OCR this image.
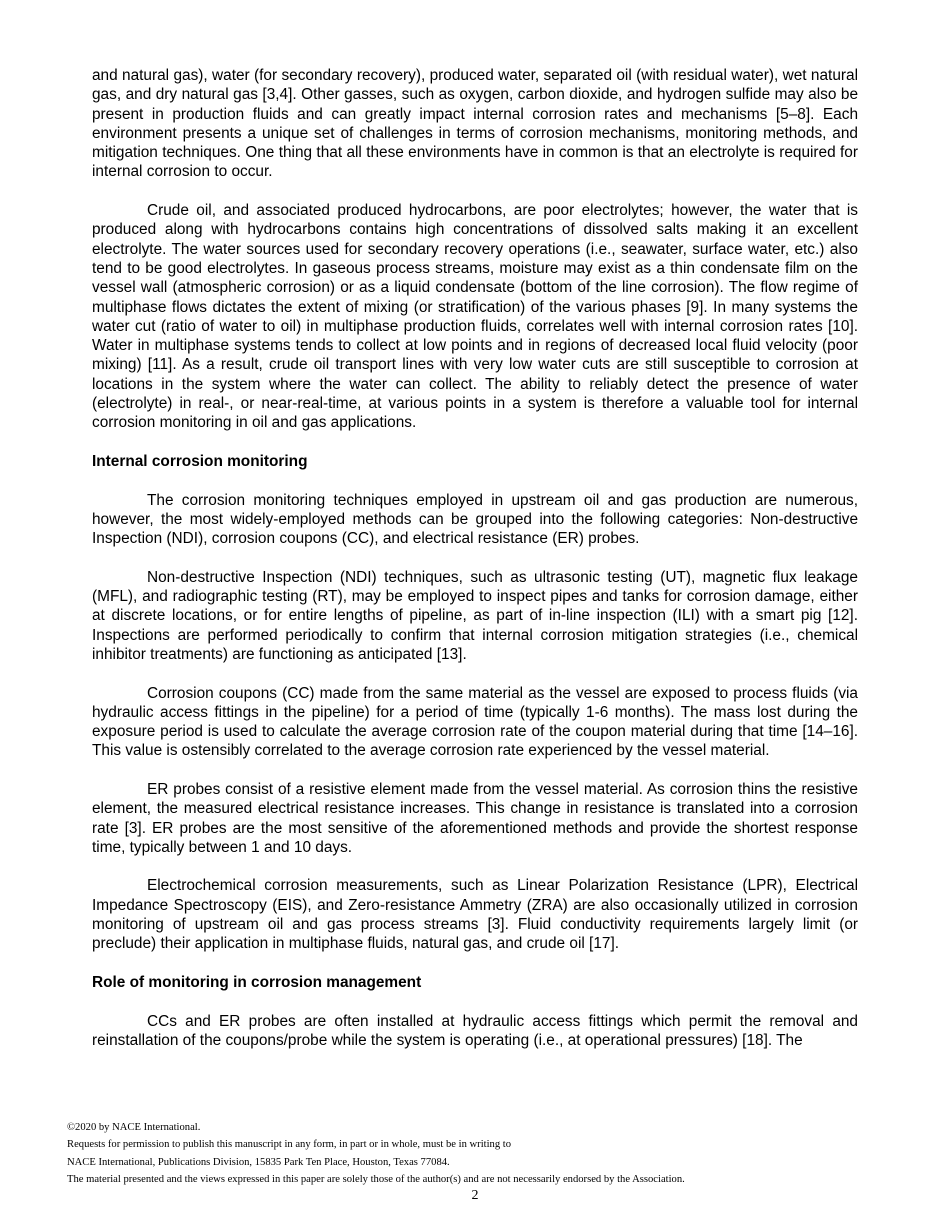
and natural gas), water (for secondary recovery), produced water, separated oil (with residual water), wet natural gas, and dry natural gas [3,4]. Other gasses, such as oxygen, carbon dioxide, and hydrogen sulfide may also be present in production fluids and can greatly impact internal corrosion rates and mechanisms [5–8]. Each environment presents a unique set of challenges in terms of corrosion mechanisms, monitoring methods, and mitigation techniques. One thing that all these environments have in common is that an electrolyte is required for internal corrosion to occur.

Crude oil, and associated produced hydrocarbons, are poor electrolytes; however, the water that is produced along with hydrocarbons contains high concentrations of dissolved salts making it an excellent electrolyte. The water sources used for secondary recovery operations (i.e., seawater, surface water, etc.) also tend to be good electrolytes. In gaseous process streams, moisture may exist as a thin condensate film on the vessel wall (atmospheric corrosion) or as a liquid condensate (bottom of the line corrosion). The flow regime of multiphase flows dictates the extent of mixing (or stratification) of the various phases [9]. In many systems the water cut (ratio of water to oil) in multiphase production fluids, correlates well with internal corrosion rates [10]. Water in multiphase systems tends to collect at low points and in regions of decreased local fluid velocity (poor mixing) [11]. As a result, crude oil transport lines with very low water cuts are still susceptible to corrosion at locations in the system where the water can collect. The ability to reliably detect the presence of water (electrolyte) in real-, or near-real-time, at various points in a system is therefore a valuable tool for internal corrosion monitoring in oil and gas applications.

Internal corrosion monitoring

The corrosion monitoring techniques employed in upstream oil and gas production are numerous, however, the most widely-employed methods can be grouped into the following categories: Non-destructive Inspection (NDI), corrosion coupons (CC), and electrical resistance (ER) probes.

Non-destructive Inspection (NDI) techniques, such as ultrasonic testing (UT), magnetic flux leakage (MFL), and radiographic testing (RT), may be employed to inspect pipes and tanks for corrosion damage, either at discrete locations, or for entire lengths of pipeline, as part of in-line inspection (ILI) with a smart pig [12]. Inspections are performed periodically to confirm that internal corrosion mitigation strategies (i.e., chemical inhibitor treatments) are functioning as anticipated [13].

Corrosion coupons (CC) made from the same material as the vessel are exposed to process fluids (via hydraulic access fittings in the pipeline) for a period of time (typically 1-6 months). The mass lost during the exposure period is used to calculate the average corrosion rate of the coupon material during that time [14–16]. This value is ostensibly correlated to the average corrosion rate experienced by the vessel material.

ER probes consist of a resistive element made from the vessel material. As corrosion thins the resistive element, the measured electrical resistance increases. This change in resistance is translated into a corrosion rate [3]. ER probes are the most sensitive of the aforementioned methods and provide the shortest response time, typically between 1 and 10 days.

Electrochemical corrosion measurements, such as Linear Polarization Resistance (LPR), Electrical Impedance Spectroscopy (EIS), and Zero-resistance Ammetry (ZRA) are also occasionally utilized in corrosion monitoring of upstream oil and gas process streams [3]. Fluid conductivity requirements largely limit (or preclude) their application in multiphase fluids, natural gas, and crude oil [17].

Role of monitoring in corrosion management

CCs and ER probes are often installed at hydraulic access fittings which permit the removal and reinstallation of the coupons/probe while the system is operating (i.e., at operational pressures) [18]. The

©2020 by NACE International.
Requests for permission to publish this manuscript in any form, in part or in whole, must be in writing to
NACE International, Publications Division, 15835 Park Ten Place, Houston, Texas 77084.
The material presented and the views expressed in this paper are solely those of the author(s) and are not necessarily endorsed by the Association.
2
